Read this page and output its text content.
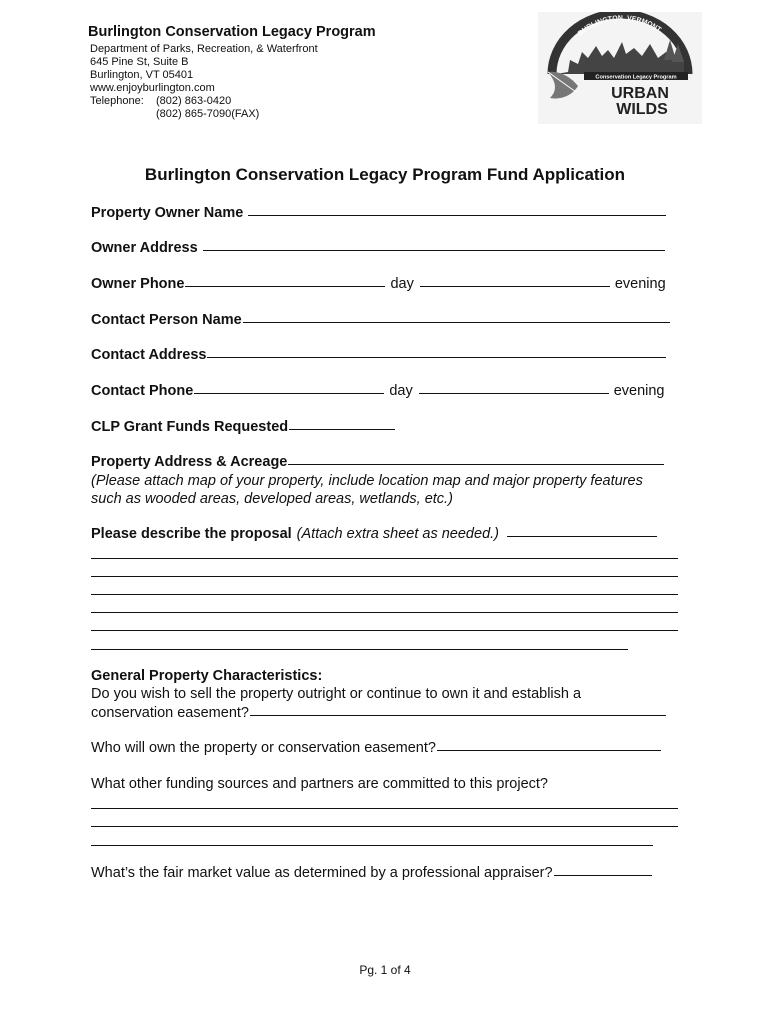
Burlington Conservation Legacy Program
Department of Parks, Recreation, & Waterfront
645 Pine St, Suite B
Burlington, VT 05401
www.enjoyburlington.com
Telephone: (802) 863-0420
(802) 865-7090(FAX)
BURLINGTON, VERMONT
Conservation Legacy Program
URBAN
WILDS
Burlington Conservation Legacy Program Fund Application
Property Owner Name
Owner Address
Owner Phone	day	evening
Contact Person Name
Contact Address
Contact Phone	day	evening
CLP Grant Funds Requested
Property Address & Acreage
(Please attach map of your property, include location map and major property features
such as wooded areas, developed areas, wetlands, etc.)
Please describe the proposal (Attach extra sheet as needed.)
General Property Characteristics:
Do you wish to sell the property outright or continue to own it and establish a
conservation easement?
Who will own the property or conservation easement?
What other funding sources and partners are committed to this project?
What’s the fair market value as determined by a professional appraiser?
Pg. 1 of 4
